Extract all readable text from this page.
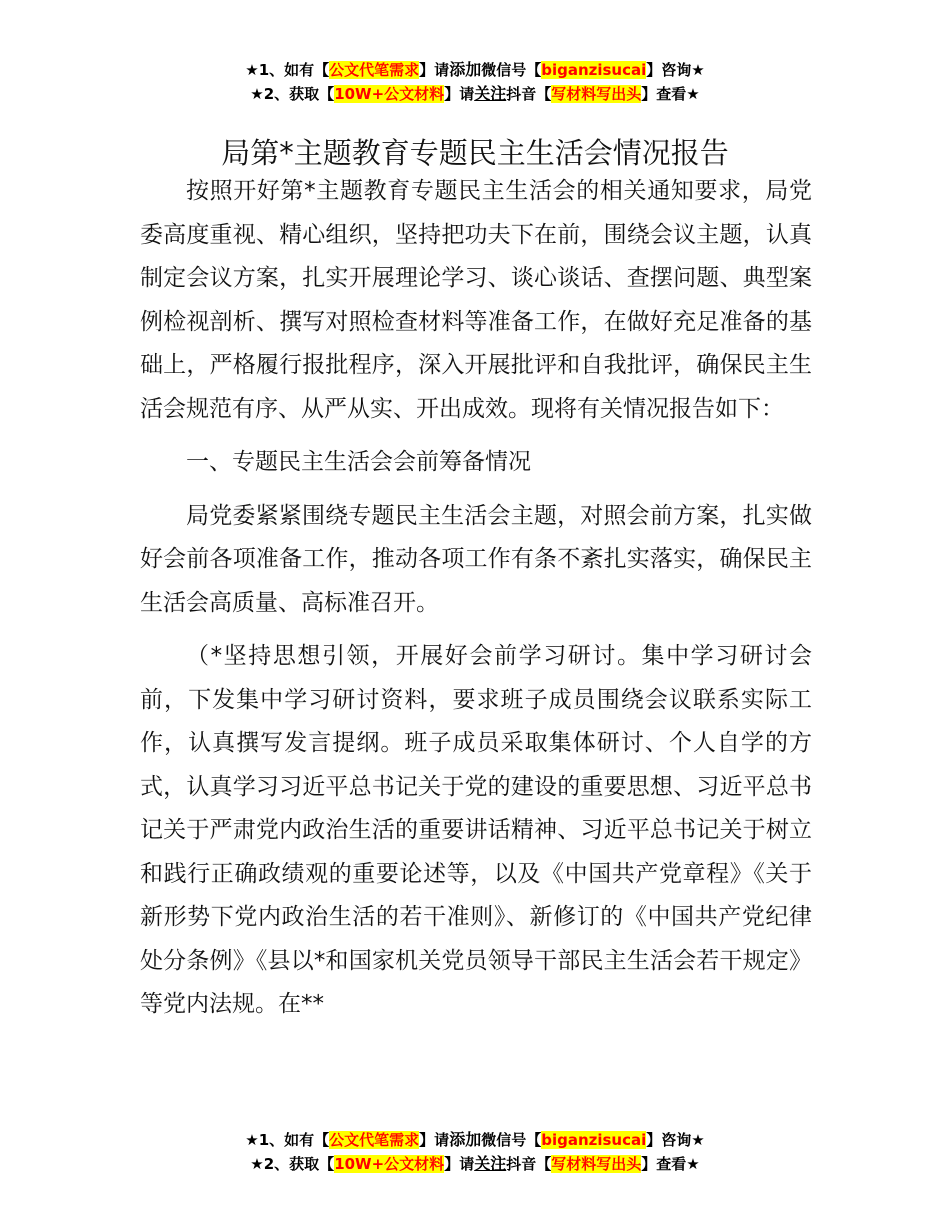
★1、如有【公文代笔需求】请添加微信号【biganzisucai】咨询★
★2、获取【10W+公文材料】请关注抖音【写材料写出头】查看★
局第*主题教育专题民主生活会情况报告

按照开好第*主题教育专题民主生活会的相关通知要求，局党委高度重视、精心组织，坚持把功夫下在前，围绕会议主题，认真制定会议方案，扎实开展理论学习、谈心谈话、查摆问题、典型案例检视剖析、撰写对照检查材料等准备工作，在做好充足准备的基础上，严格履行报批程序，深入开展批评和自我批评，确保民主生活会规范有序、从严从实、开出成效。现将有关情况报告如下：

一、专题民主生活会会前筹备情况

局党委紧紧围绕专题民主生活会主题，对照会前方案，扎实做好会前各项准备工作，推动各项工作有条不紊扎实落实，确保民主生活会高质量、高标准召开。

（*坚持思想引领，开展好会前学习研讨。集中学习研讨会前，下发集中学习研讨资料，要求班子成员围绕会议联系实际工作，认真撰写发言提纲。班子成员采取集体研讨、个人自学的方式，认真学习习近平总书记关于党的建设的重要思想、习近平总书记关于严肃党内政治生活的重要讲话精神、习近平总书记关于树立和践行正确政绩观的重要论述等，以及《中国共产党章程》《关于新形势下党内政治生活的若干准则》、新修订的《中国共产党纪律处分条例》《县以*和国家机关党员领导干部民主生活会若干规定》等党内法规。在**

★1、如有【公文代笔需求】请添加微信号【biganzisucai】咨询★
★2、获取【10W+公文材料】请关注抖音【写材料写出头】查看★
